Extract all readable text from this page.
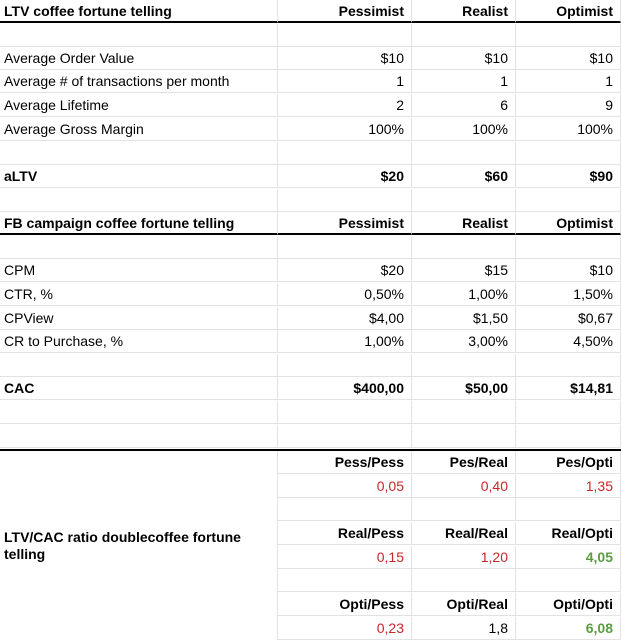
LTV coffee fortune telling	Pessimist	Realist	Optimist
Average Order Value	$10	$10	$10
Average # of transactions per month	1	1	1
Average Lifetime	2	6	9
Average Gross Margin	100%	100%	100%
aLTV	$20	$60	$90
FB campaign coffee fortune telling	Pessimist	Realist	Optimist
CPM	$20	$15	$10
CTR, %	0,50%	1,00%	1,50%
CPView	$4,00	$1,50	$0,67
CR to Purchase, %	1,00%	3,00%	4,50%
CAC	$400,00	$50,00	$14,81
LTV/CAC ratio doublecoffee fortune telling
Pess/Pess	Pes/Real	Pes/Opti
0,05	0,40	1,35
Real/Pess	Real/Real	Real/Opti
0,15	1,20	4,05
Opti/Pess	Opti/Real	Opti/Opti
0,23	1,8	6,08
